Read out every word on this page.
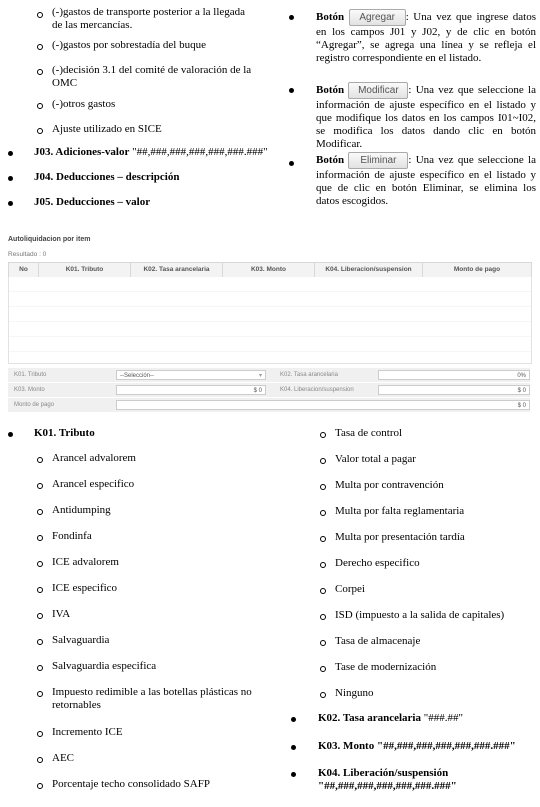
(-)gastos de transporte posterior a la llegada de las mercancías.
(-)gastos por sobrestadía del buque
(-)decisión 3.1 del comité de valoración de la OMC
(-)otros gastos
Ajuste utilizado en SICE
J03. Adiciones-valor "##,###,###,###,###,###.###"
J04. Deducciones – descripción
J05. Deducciones – valor
Botón Agregar : Una vez que ingrese datos en los campos J01 y J02, y de clic en botón “Agregar”, se agrega una línea y se refleja el registro correspondiente en el listado.
Botón Modificar : Una vez que seleccione la información de ajuste específico en el listado y que modifique los datos en los campos I01~I02, se modifica los datos dando clic en botón Modificar.
Botón Eliminar : Una vez que seleccione la información de ajuste específico en el listado y que de clic en botón Eliminar, se elimina los datos escogidos.
Autoliquidacion por item
Resultado : 0
No	K01. Tributo	K02. Tasa arancelaria	K03. Monto	K04. Liberacion/suspension	Monto de pago
K01. Tributo	--Selección--	▾	K02. Tasa arancelaria	0%
K03. Monto	$ 0	K04. Liberacion/suspension	$ 0
Monto de pago	$ 0
K01. Tributo
Arancel advalorem
Arancel especifico
Antidumping
Fondinfa
ICE advalorem
ICE especifico
IVA
Salvaguardia
Salvaguardia especifica
Impuesto redimible a las botellas plásticas no retornables
Incremento ICE
AEC
Porcentaje techo consolidado SAFP
Tasa de control
Valor total a pagar
Multa por contravención
Multa por falta reglamentaria
Multa por presentación tardía
Derecho especifico
Corpei
ISD (impuesto a la salida de capitales)
Tasa de almacenaje
Tase de modernización
Ninguno
K02. Tasa arancelaria "###.##"
K03. Monto "##,###,###,###,###,###.###"
K04. Liberación/suspensión
"##,###,###,###,###,###.###"
